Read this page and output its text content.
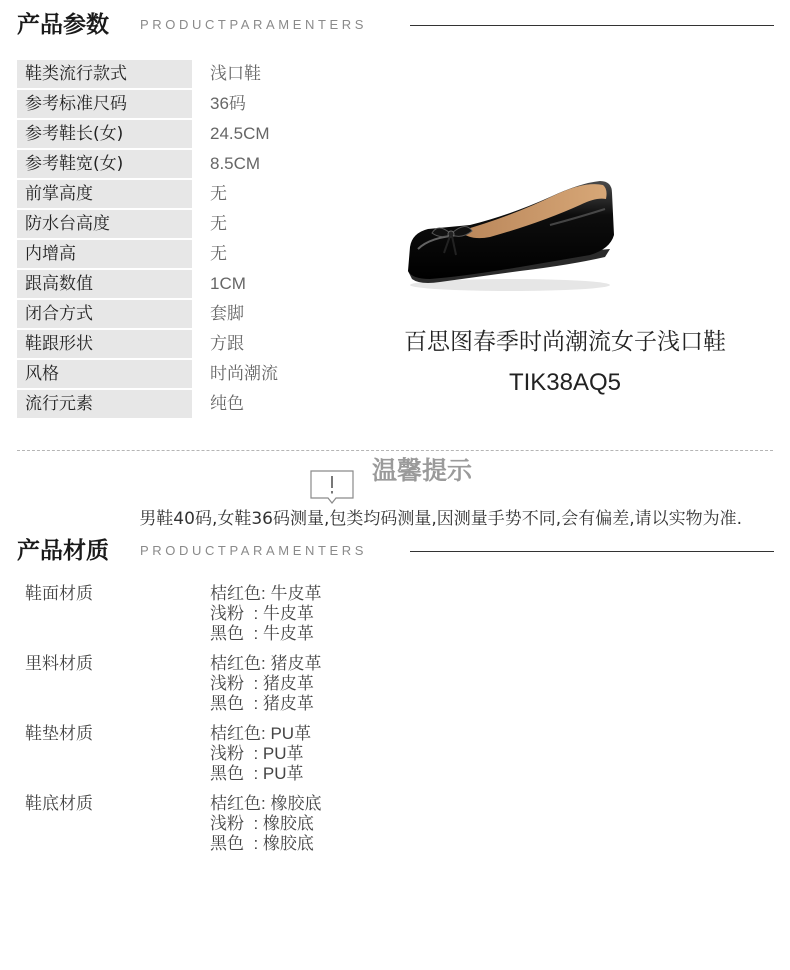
产品参数 PRODUCTPARAMENTERS
鞋类流行款式	浅口鞋
参考标准尺码	36码
参考鞋长(女)	24.5CM
参考鞋宽(女)	8.5CM
前掌高度	无
防水台高度	无
内增高	无
跟高数值	1CM
闭合方式	套脚
鞋跟形状	方跟
风格	时尚潮流
流行元素	纯色
百思图春季时尚潮流女子浅口鞋
TIK38AQ5
温馨提示
男鞋40码,女鞋36码测量,包类均码测量,因测量手势不同,会有偏差,请以实物为准.
产品材质 PRODUCTPARAMENTERS
鞋面材质	桔红色: 牛皮革
浅粉  : 牛皮革
黑色  : 牛皮革
里料材质	桔红色: 猪皮革
浅粉  : 猪皮革
黑色  : 猪皮革
鞋垫材质	桔红色: PU革
浅粉  : PU革
黑色  : PU革
鞋底材质	桔红色: 橡胶底
浅粉  : 橡胶底
黑色  : 橡胶底
